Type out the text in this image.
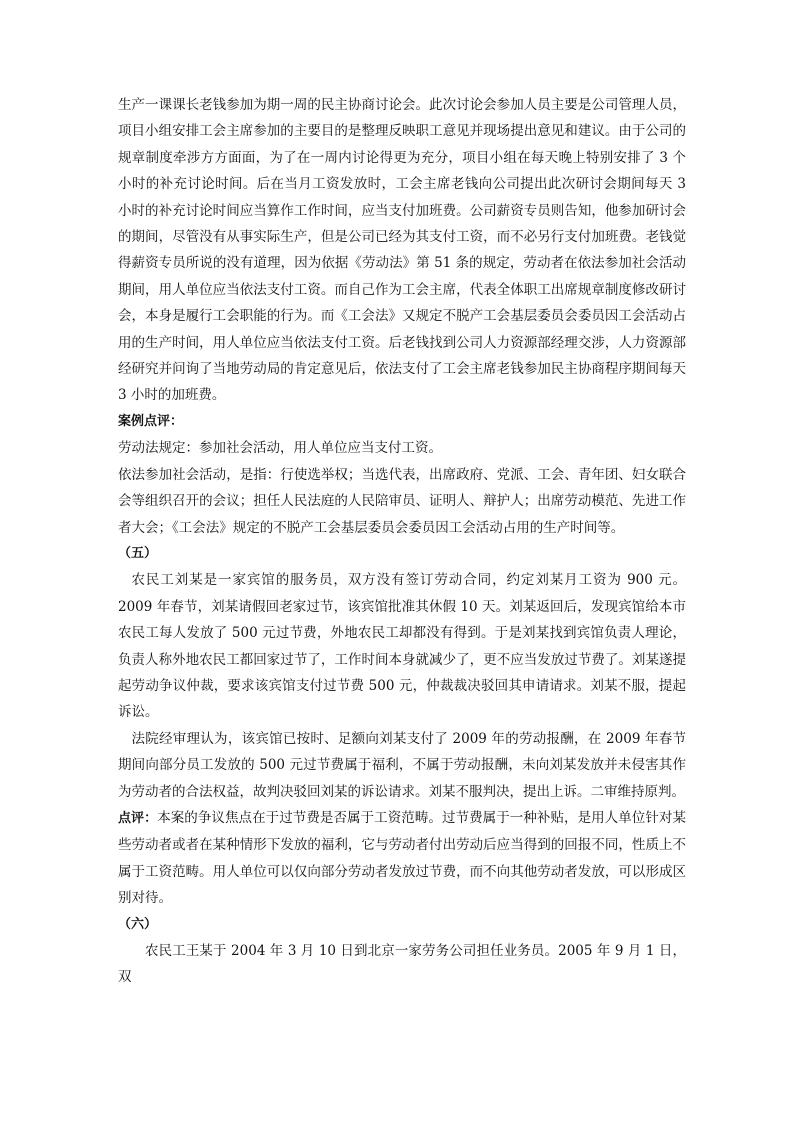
生产一课课长老钱参加为期一周的民主协商讨论会。此次讨论会参加人员主要是公司管理人员，项目小组安排工会主席参加的主要目的是整理反映职工意见并现场提出意见和建议。由于公司的规章制度牵涉方方面面，为了在一周内讨论得更为充分，项目小组在每天晚上特别安排了 3 个小时的补充讨论时间。后在当月工资发放时，工会主席老钱向公司提出此次研讨会期间每天 3 小时的补充讨论时间应当算作工作时间，应当支付加班费。公司薪资专员则告知，他参加研讨会的期间，尽管没有从事实际生产，但是公司已经为其支付工资，而不必另行支付加班费。老钱觉得薪资专员所说的没有道理，因为依据《劳动法》第 51 条的规定，劳动者在依法参加社会活动期间，用人单位应当依法支付工资。而自己作为工会主席，代表全体职工出席规章制度修改研讨会，本身是履行工会职能的行为。而《工会法》又规定不脱产工会基层委员会委员因工会活动占用的生产时间，用人单位应当依法支付工资。后老钱找到公司人力资源部经理交涉，人力资源部经研究并问询了当地劳动局的肯定意见后，依法支付了工会主席老钱参加民主协商程序期间每天 3 小时的加班费。

案例点评：

劳动法规定：参加社会活动，用人单位应当支付工资。

依法参加社会活动，是指：行使选举权；当选代表，出席政府、党派、工会、青年团、妇女联合会等组织召开的会议；担任人民法庭的人民陪审员、证明人、辩护人；出席劳动模范、先进工作者大会；《工会法》规定的不脱产工会基层委员会委员因工会活动占用的生产时间等。

（五）

农民工刘某是一家宾馆的服务员，双方没有签订劳动合同，约定刘某月工资为 900 元。2009 年春节，刘某请假回老家过节，该宾馆批准其休假 10 天。刘某返回后，发现宾馆给本市农民工每人发放了 500 元过节费，外地农民工却都没有得到。于是刘某找到宾馆负责人理论，负责人称外地农民工都回家过节了，工作时间本身就减少了，更不应当发放过节费了。刘某遂提起劳动争议仲裁，要求该宾馆支付过节费 500 元，仲裁裁决驳回其申请请求。刘某不服，提起诉讼。

法院经审理认为，该宾馆已按时、足额向刘某支付了 2009 年的劳动报酬，在 2009 年春节期间向部分员工发放的 500 元过节费属于福利，不属于劳动报酬，未向刘某发放并未侵害其作为劳动者的合法权益，故判决驳回刘某的诉讼请求。刘某不服判决，提出上诉。二审维持原判。

点评：本案的争议焦点在于过节费是否属于工资范畴。过节费属于一种补贴，是用人单位针对某些劳动者或者在某种情形下发放的福利，它与劳动者付出劳动后应当得到的回报不同，性质上不属于工资范畴。用人单位可以仅向部分劳动者发放过节费，而不向其他劳动者发放，可以形成区别对待。

（六）

农民工王某于 2004 年 3 月 10 日到北京一家劳务公司担任业务员。2005 年 9 月 1 日，双
